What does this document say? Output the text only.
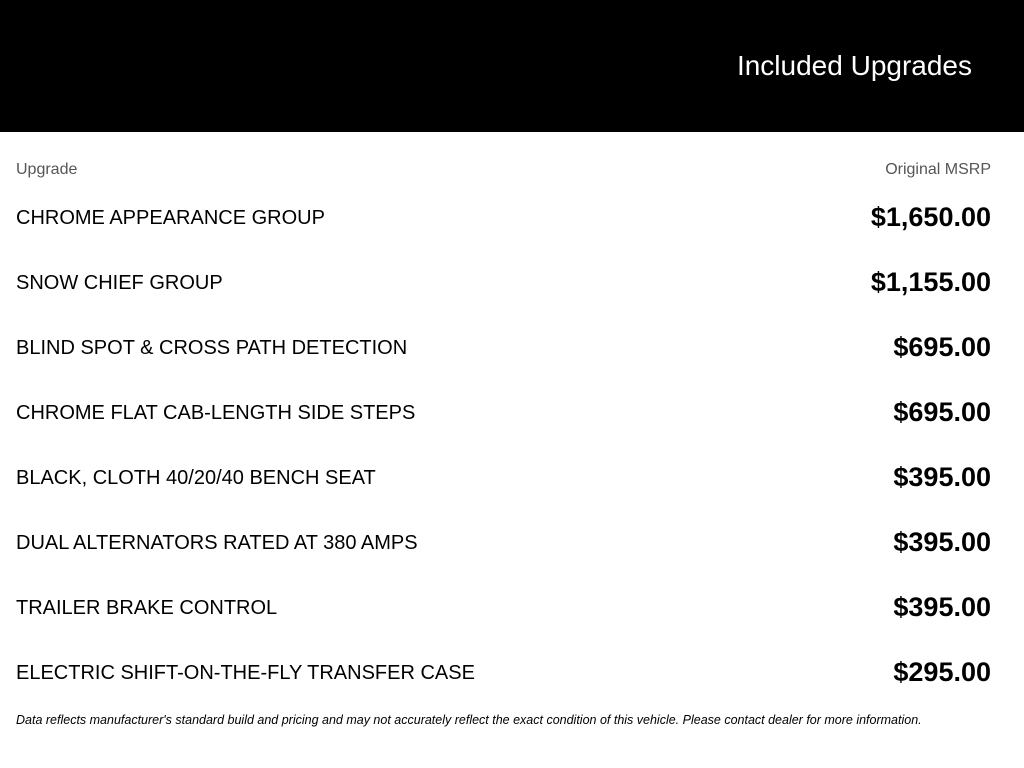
Included Upgrades
Upgrade	Original MSRP
CHROME APPEARANCE GROUP	$1,650.00
SNOW CHIEF GROUP	$1,155.00
BLIND SPOT & CROSS PATH DETECTION	$695.00
CHROME FLAT CAB-LENGTH SIDE STEPS	$695.00
BLACK, CLOTH 40/20/40 BENCH SEAT	$395.00
DUAL ALTERNATORS RATED AT 380 AMPS	$395.00
TRAILER BRAKE CONTROL	$395.00
ELECTRIC SHIFT-ON-THE-FLY TRANSFER CASE	$295.00
Data reflects manufacturer's standard build and pricing and may not accurately reflect the exact condition of this vehicle. Please contact dealer for more information.
